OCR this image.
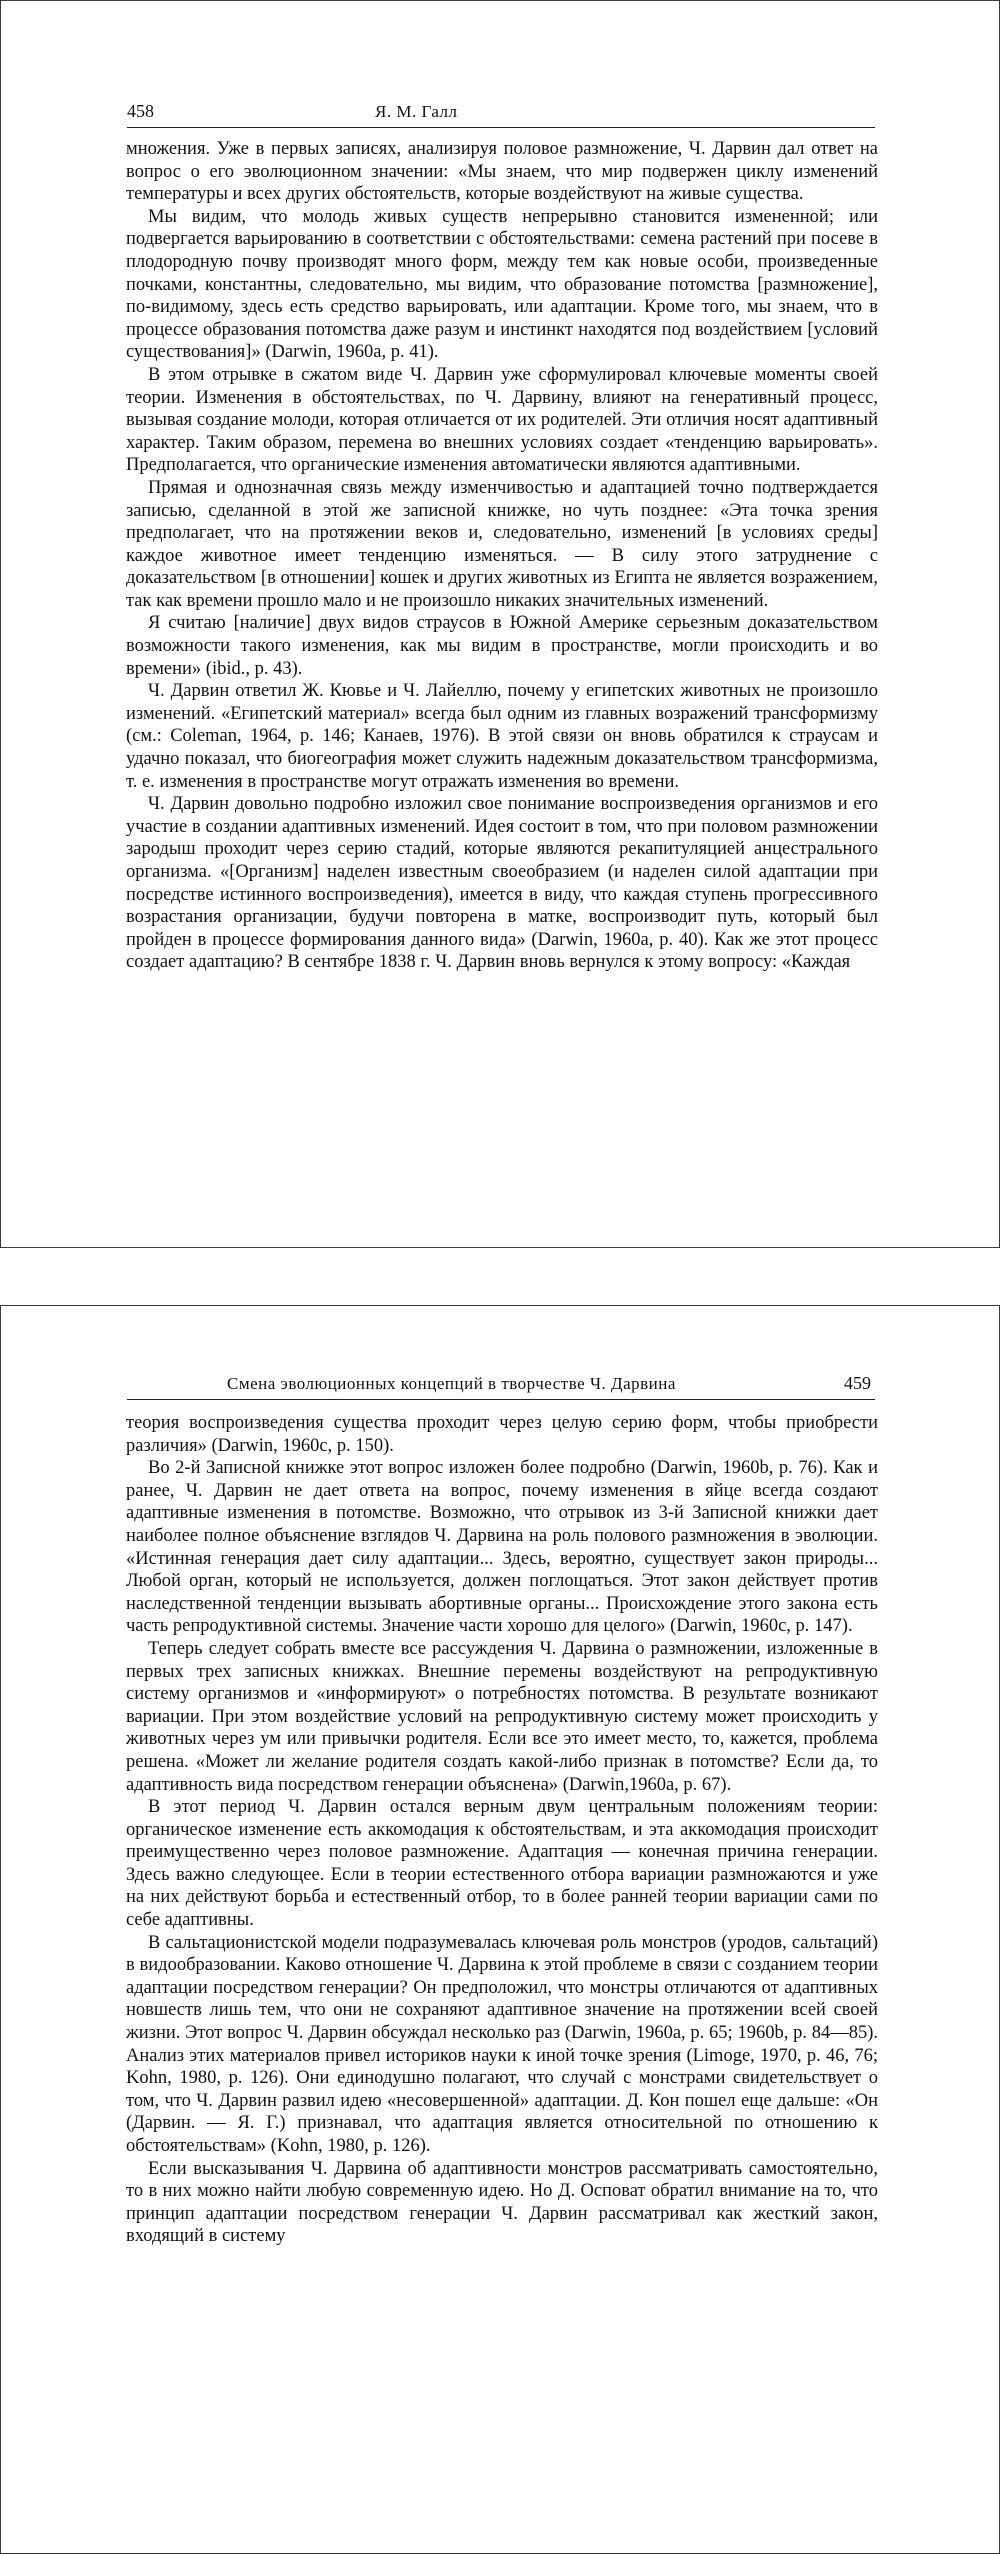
458	Я. М. Галл

множения. Уже в первых записях, анализируя половое размножение, Ч. Дарвин дал ответ на вопрос о его эволюционном значении: «Мы знаем, что мир подвержен циклу изменений температуры и всех других обстоятельств, которые воздействуют на живые существа.

Мы видим, что молодь живых существ непрерывно становится измененной; или подвергается варьированию в соответствии с обстоятельствами: семена растений при посеве в плодородную почву производят много форм, между тем как новые особи, произведенные почками, константны, следовательно, мы видим, что образование потомства [размножение], по-видимому, здесь есть средство варьировать, или адаптации. Кроме того, мы знаем, что в процессе образования потомства даже разум и инстинкт находятся под воздействием [условий существования]» (Darwin, 1960a, p. 41).

В этом отрывке в сжатом виде Ч. Дарвин уже сформулировал ключевые моменты своей теории. Изменения в обстоятельствах, по Ч. Дарвину, влияют на генеративный процесс, вызывая создание молоди, которая отличается от их родителей. Эти отличия носят адаптивный характер. Таким образом, перемена во внешних условиях создает «тенденцию варьировать». Предполагается, что органические изменения автоматически являются адаптивными.

Прямая и однозначная связь между изменчивостью и адаптацией точно подтверждается записью, сделанной в этой же записной книжке, но чуть позднее: «Эта точка зрения предполагает, что на протяжении веков и, следовательно, изменений [в условиях среды] каждое животное имеет тенденцию изменяться. — В силу этого затруднение с доказательством [в отношении] кошек и других животных из Египта не является возражением, так как времени прошло мало и не произошло никаких значительных изменений.

Я считаю [наличие] двух видов страусов в Южной Америке серьезным доказательством возможности такого изменения, как мы видим в пространстве, могли происходить и во времени» (ibid., p. 43).

Ч. Дарвин ответил Ж. Кювье и Ч. Лайеллю, почему у египетских животных не произошло изменений. «Египетский материал» всегда был одним из главных возражений трансформизму (см.: Coleman, 1964, p. 146; Канаев, 1976). В этой связи он вновь обратился к страусам и удачно показал, что биогеография может служить надежным доказательством трансформизма, т. е. изменения в пространстве могут отражать изменения во времени.

Ч. Дарвин довольно подробно изложил свое понимание воспроизведения организмов и его участие в создании адаптивных изменений. Идея состоит в том, что при половом размножении зародыш проходит через серию стадий, которые являются рекапитуляцией анцестрального организма. «[Организм] наделен известным своеобразием (и наделен силой адаптации при посредстве истинного воспроизведения), имеется в виду, что каждая ступень прогрессивного возрастания организации, будучи повторена в матке, воспроизводит путь, который был пройден в процессе формирования данного вида» (Darwin, 1960a, p. 40). Как же этот процесс создает адаптацию? В сентябре 1838 г. Ч. Дарвин вновь вернулся к этому вопросу: «Каждая

Смена эволюционных концепций в творчестве Ч. Дарвина	459

теория воспроизведения существа проходит через целую серию форм, чтобы приобрести различия» (Darwin, 1960c, p. 150).

Во 2-й Записной книжке этот вопрос изложен более подробно (Darwin, 1960b, p. 76). Как и ранее, Ч. Дарвин не дает ответа на вопрос, почему изменения в яйце всегда создают адаптивные изменения в потомстве. Возможно, что отрывок из 3-й Записной книжки дает наиболее полное объяснение взглядов Ч. Дарвина на роль полового размножения в эволюции. «Истинная генерация дает силу адаптации... Здесь, вероятно, существует закон природы... Любой орган, который не используется, должен поглощаться. Этот закон действует против наследственной тенденции вызывать абортивные органы... Происхождение этого закона есть часть репродуктивной системы. Значение части хорошо для целого» (Darwin, 1960c, p. 147).

Теперь следует собрать вместе все рассуждения Ч. Дарвина о размножении, изложенные в первых трех записных книжках. Внешние перемены воздействуют на репродуктивную систему организмов и «информируют» о потребностях потомства. В результате возникают вариации. При этом воздействие условий на репродуктивную систему может происходить у животных через ум или привычки родителя. Если все это имеет место, то, кажется, проблема решена. «Может ли желание родителя создать какой-либо признак в потомстве? Если да, то адаптивность вида посредством генерации объяснена» (Darwin,1960a, p. 67).

В этот период Ч. Дарвин остался верным двум центральным положениям теории: органическое изменение есть аккомодация к обстоятельствам, и эта аккомодация происходит преимущественно через половое размножение. Адаптация — конечная причина генерации. Здесь важно следующее. Если в теории естественного отбора вариации размножаются и уже на них действуют борьба и естественный отбор, то в более ранней теории вариации сами по себе адаптивны.

В сальтационистской модели подразумевалась ключевая роль монстров (уродов, сальтаций) в видообразовании. Каково отношение Ч. Дарвина к этой проблеме в связи с созданием теории адаптации посредством генерации? Он предположил, что монстры отличаются от адаптивных новшеств лишь тем, что они не сохраняют адаптивное значение на протяжении всей своей жизни. Этот вопрос Ч. Дарвин обсуждал несколько раз (Darwin, 1960a, p. 65; 1960b, p. 84—85). Анализ этих материалов привел историков науки к иной точке зрения (Limoge, 1970, p. 46, 76; Kohn, 1980, p. 126). Они единодушно полагают, что случай с монстрами свидетельствует о том, что Ч. Дарвин развил идею «несовершенной» адаптации. Д. Кон пошел еще дальше: «Он (Дарвин. — Я. Г.) признавал, что адаптация является относительной по отношению к обстоятельствам» (Kohn, 1980, p. 126).

Если высказывания Ч. Дарвина об адаптивности монстров рассматривать самостоятельно, то в них можно найти любую современную идею. Но Д. Осповат обратил внимание на то, что принцип адаптации посредством генерации Ч. Дарвин рассматривал как жесткий закон, входящий в систему
